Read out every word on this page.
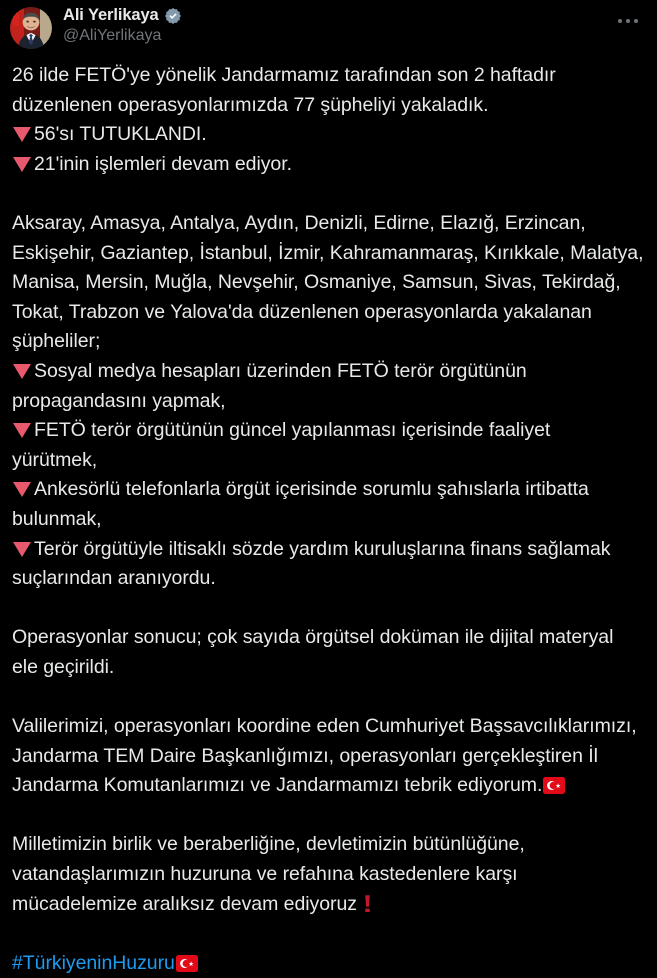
Ali Yerlikaya
@AliYerlikaya
26 ilde FETÖ'ye yönelik Jandarmamız tarafından son 2 haftadır
düzenlenen operasyonlarımızda 77 şüpheliyi yakaladık.
56'sı TUTUKLANDI.
21'inin işlemleri devam ediyor.
Aksaray, Amasya, Antalya, Aydın, Denizli, Edirne, Elazığ, Erzincan,
Eskişehir, Gaziantep, İstanbul, İzmir, Kahramanmaraş, Kırıkkale, Malatya,
Manisa, Mersin, Muğla, Nevşehir, Osmaniye, Samsun, Sivas, Tekirdağ,
Tokat, Trabzon ve Yalova'da düzenlenen operasyonlarda yakalanan
şüpheliler;
Sosyal medya hesapları üzerinden FETÖ terör örgütünün
propagandasını yapmak,
FETÖ terör örgütünün güncel yapılanması içerisinde faaliyet
yürütmek,
Ankesörlü telefonlarla örgüt içerisinde sorumlu şahıslarla irtibatta
bulunmak,
Terör örgütüyle iltisaklı sözde yardım kuruluşlarına finans sağlamak
suçlarından aranıyordu.
Operasyonlar sonucu; çok sayıda örgütsel doküman ile dijital materyal
ele geçirildi.
Valilerimizi, operasyonları koordine eden Cumhuriyet Başsavcılıklarımızı,
Jandarma TEM Daire Başkanlığımızı, operasyonları gerçekleştiren İl
Jandarma Komutanlarımızı ve Jandarmamızı tebrik ediyorum.
Milletimizin birlik ve beraberliğine, devletimizin bütünlüğüne,
vatandaşlarımızın huzuruna ve refahına kastedenlere karşı
mücadelemize aralıksız devam ediyoruz
#TürkiyeninHuzuru
